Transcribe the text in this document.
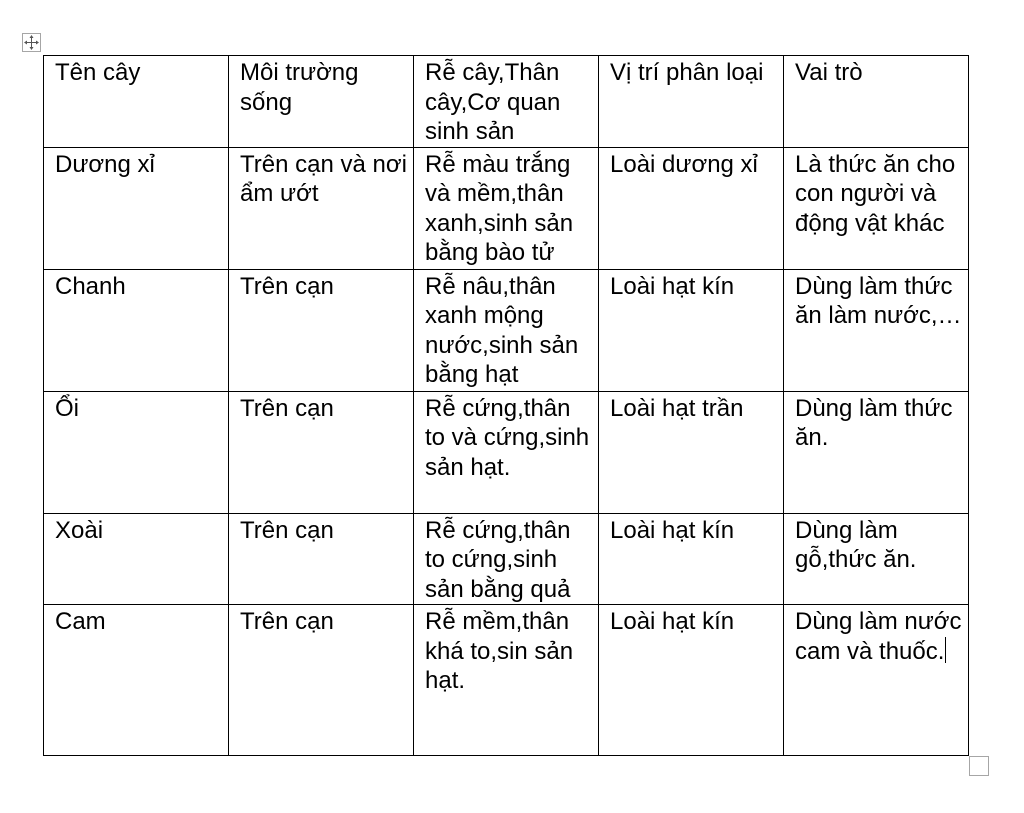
Tên cây	Môi trường sống	Rễ cây,Thân cây,Cơ quan sinh sản	Vị trí phân loại	Vai trò
Dương xỉ	Trên cạn và nơi ẩm ướt	Rễ màu trắng và mềm,thân xanh,sinh sản bằng bào tử	Loài dương xỉ	Là thức ăn cho con người và động vật khác
Chanh	Trên cạn	Rễ nâu,thân xanh mộng nước,sinh sản bằng hạt	Loài hạt kín	Dùng làm thức ăn làm nước,…
Ổi	Trên cạn	Rễ cứng,thân to và cứng,sinh sản hạt.	Loài hạt trần	Dùng làm thức ăn.
Xoài	Trên cạn	Rễ cứng,thân to cứng,sinh sản bằng quả	Loài hạt kín	Dùng làm gỗ,thức ăn.
Cam	Trên cạn	Rễ mềm,thân khá to,sin sản hạt.	Loài hạt kín	Dùng làm nước cam và thuốc.
